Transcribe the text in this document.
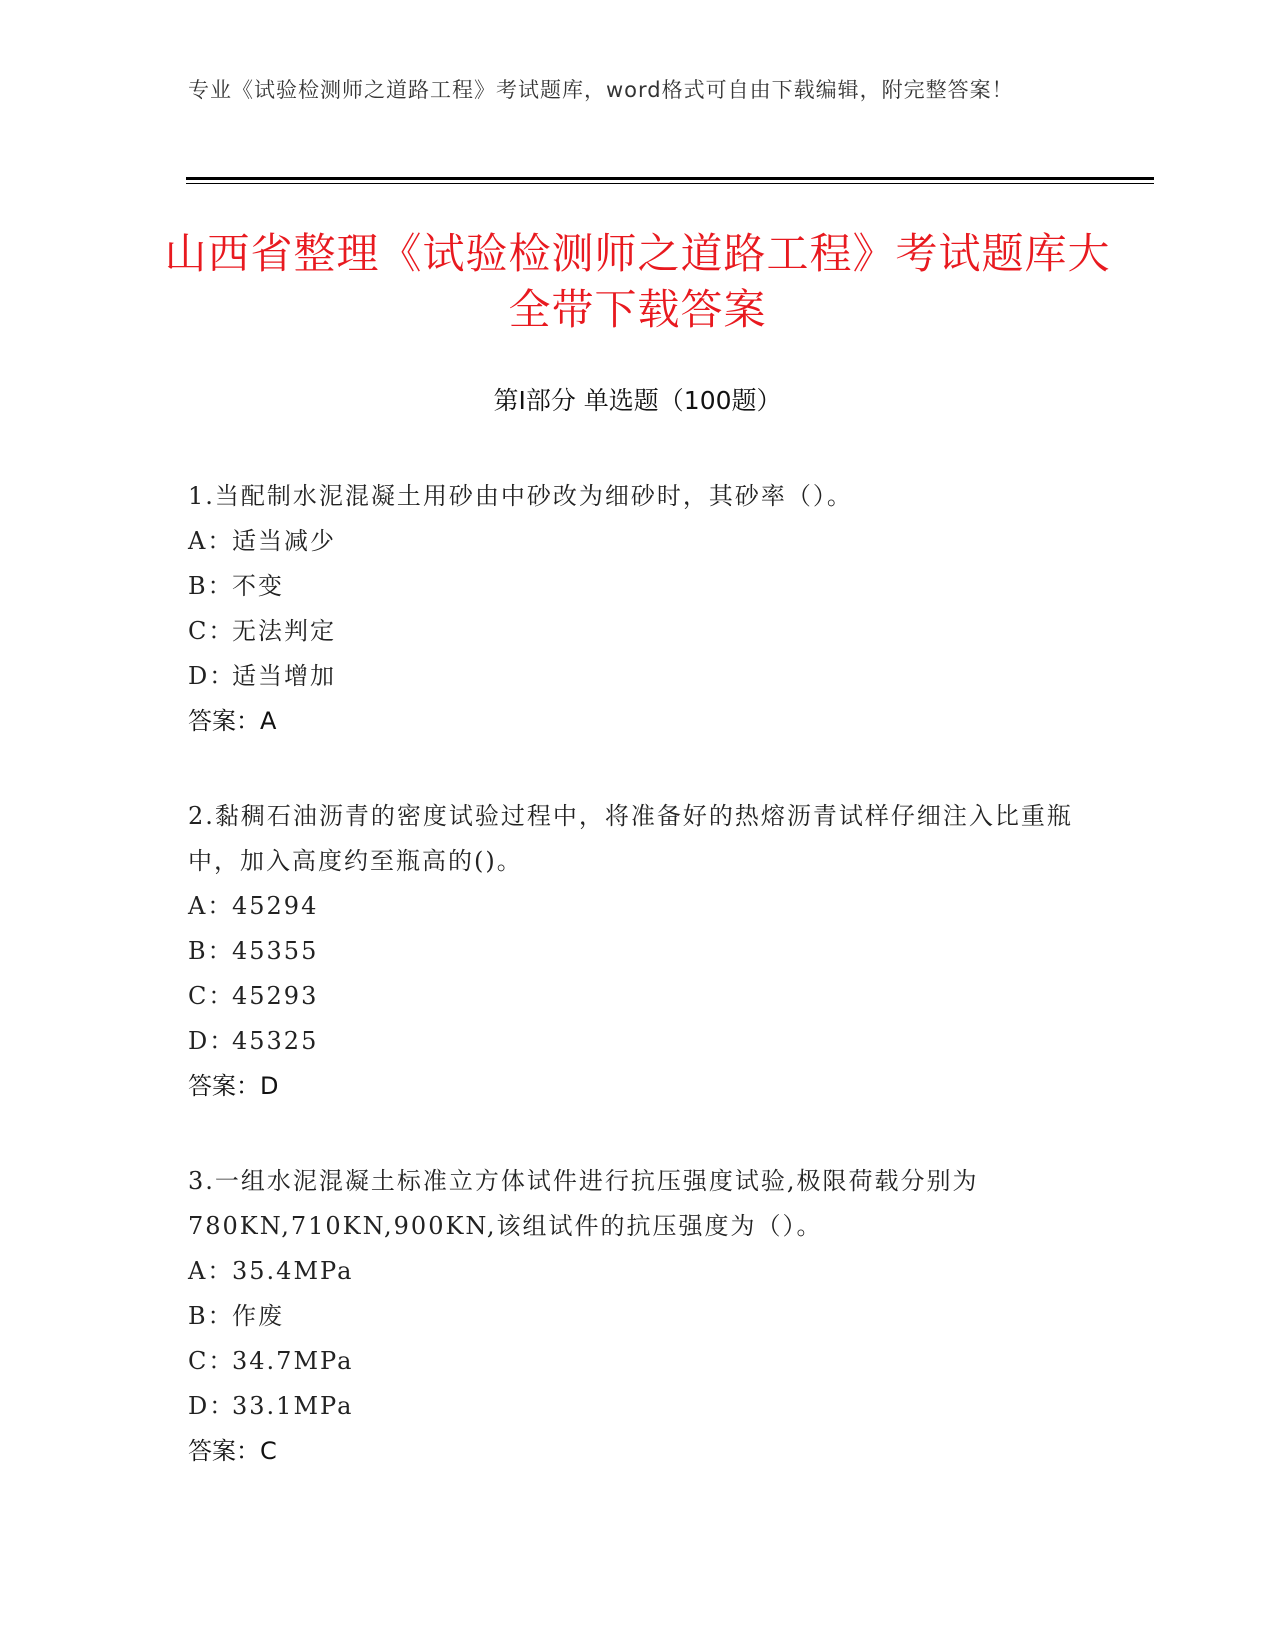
专业《试验检测师之道路工程》考试题库，word格式可自由下载编辑，附完整答案！
山西省整理《试验检测师之道路工程》考试题库大全带下载答案
第I部分 单选题（100题）
1.当配制水泥混凝土用砂由中砂改为细砂时，其砂率（）。
A：适当减少
B：不变
C：无法判定
D：适当增加
答案：A
2.黏稠石油沥青的密度试验过程中，将准备好的热熔沥青试样仔细注入比重瓶中，加入高度约至瓶高的()。
A：45294
B：45355
C：45293
D：45325
答案：D
3.一组水泥混凝土标准立方体试件进行抗压强度试验,极限荷载分别为780KN,710KN,900KN,该组试件的抗压强度为（）。
A：35.4MPa
B：作废
C：34.7MPa
D：33.1MPa
答案：C
